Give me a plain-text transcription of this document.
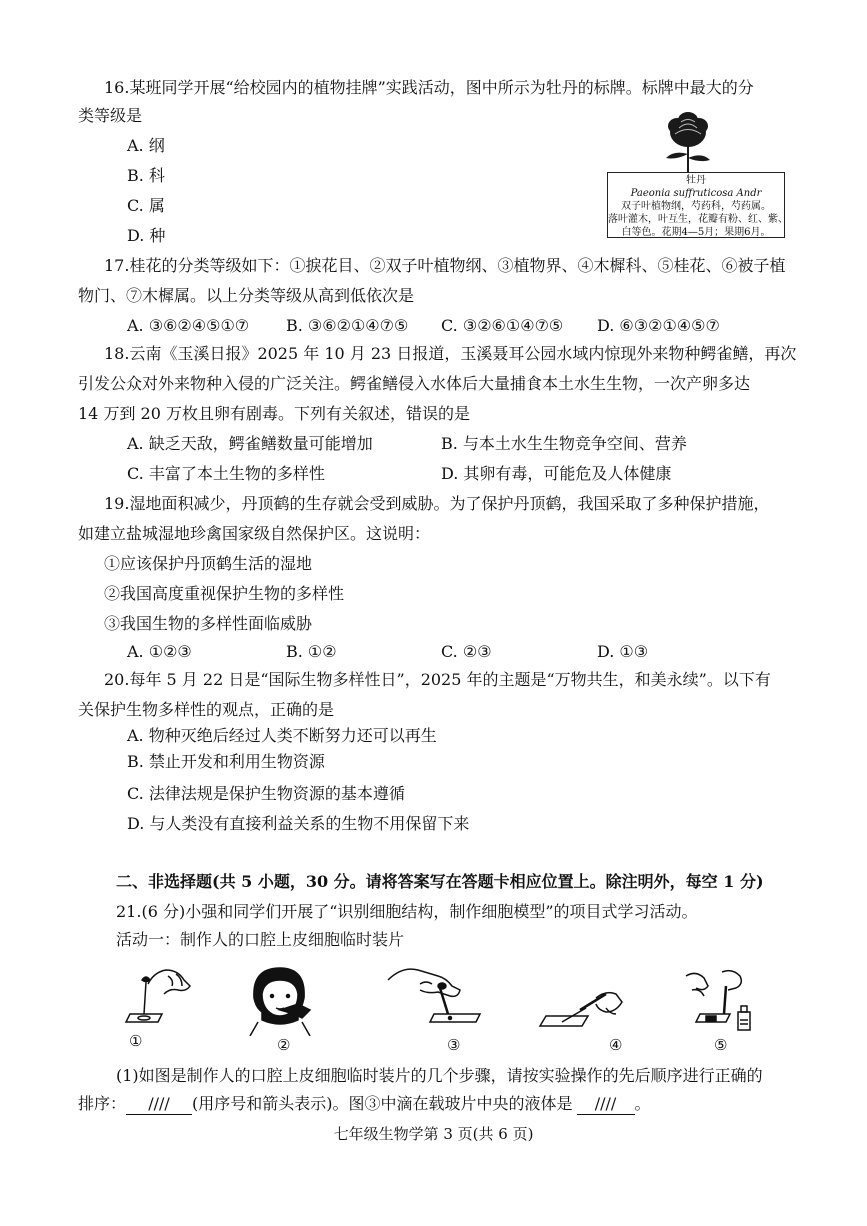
16.某班同学开展“给校园内的植物挂牌”实践活动，图中所示为牡丹的标牌。标牌中最大的分
类等级是
A. 纲
B. 科
C. 属
D. 种
牡丹
Paeonia suffruticosa Andr
双子叶植物纲，芍药科，芍药属。
落叶灌木，叶互生，花瓣有粉、红、紫、
白等色。花期4—5月；果期6月。
17.桂花的分类等级如下：①捩花目、②双子叶植物纲、③植物界、④木樨科、⑤桂花、⑥被子植
物门、⑦木樨属。以上分类等级从高到低依次是
A. ③⑥②④⑤①⑦ B. ③⑥②①④⑦⑤ C. ③②⑥①④⑦⑤ D. ⑥③②①④⑤⑦
18.云南《玉溪日报》2025 年 10 月 23 日报道，玉溪聂耳公园水域内惊现外来物种鳄雀鳝，再次
引发公众对外来物种入侵的广泛关注。鳄雀鳝侵入水体后大量捕食本土水生生物，一次产卵多达
14 万到 20 万枚且卵有剧毒。下列有关叙述，错误的是
A. 缺乏天敌，鳄雀鳝数量可能增加	B. 与本土水生生物竞争空间、营养
C. 丰富了本土生物的多样性	D. 其卵有毒，可能危及人体健康
19.湿地面积减少，丹顶鹤的生存就会受到威胁。为了保护丹顶鹤，我国采取了多种保护措施，
如建立盐城湿地珍禽国家级自然保护区。这说明：
①应该保护丹顶鹤生活的湿地
②我国高度重视保护生物的多样性
③我国生物的多样性面临威胁
A. ①②③	B. ①②	C. ②③	D. ①③
20.每年 5 月 22 日是“国际生物多样性日”，2025 年的主题是“万物共生，和美永续”。以下有
关保护生物多样性的观点，正确的是
A. 物种灭绝后经过人类不断努力还可以再生
B. 禁止开发和利用生物资源
C. 法律法规是保护生物资源的基本遵循
D. 与人类没有直接利益关系的生物不用保留下来
二、非选择题(共 5 小题，30 分。请将答案写在答题卡相应位置上。除注明外，每空 1 分)
21.(6 分)小强和同学们开展了“识别细胞结构，制作细胞模型”的项目式学习活动。
活动一：制作人的口腔上皮细胞临时装片
①	②	③	④	⑤
(1)如图是制作人的口腔上皮细胞临时装片的几个步骤，请按实验操作的先后顺序进行正确的
排序： //// (用序号和箭头表示)。图③中滴在载玻片中央的液体是 //// 。
七年级生物学第 3 页(共 6 页)
